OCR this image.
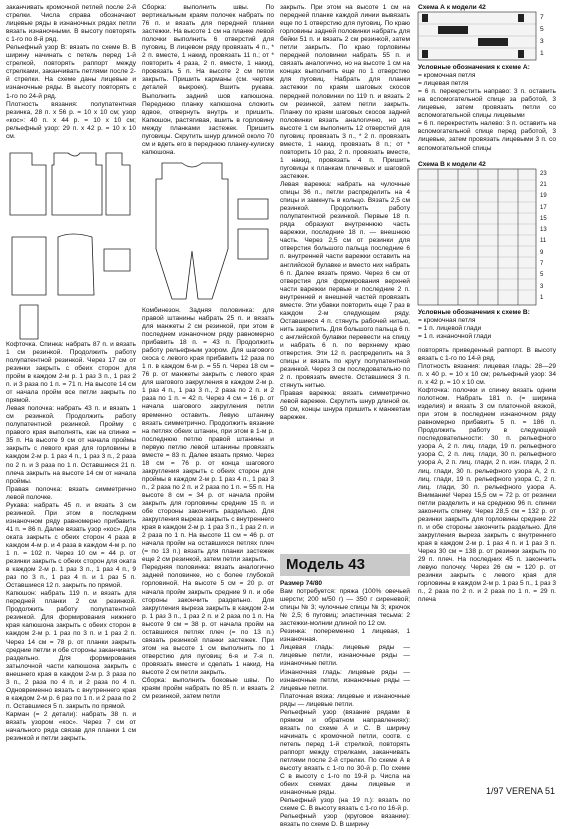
заканчивать кромочной петлей после 2-й стрелки. Числа справа обозначают лицевые ряды в изнаночных рядах петли вязать изнаночными. В высоту повторять с 1-го по 8-й ряд.

Рельефный узор В: вязать по схеме В. В ширину начинать с петель перед 1-й стрелкой, повторять раппорт между стрелками, заканчивать петлями после 2-й стрелки. На схеме даны лицевые и изнаночные ряды. В высоту повторять с 1-го по 24-й ряд.

Плотность вязания: полупатентная резинка, 28 п. х 56 р. = 10 х 10 см; узор «кос»: 40 п. х 44 р. = 10 х 10 см; рельефный узор: 29 п. х 42 р. = 10 х 10 см.

Кофточка. Спинка: набрать 87 п. и вязать 1 см резинкой. Продолжить работу полупатентной резинкой. Через 17 см от резинки закрыть с обеих сторон для пройм в каждом 2-м р. 1 раз 3 п., 1 раз 2 п. и 3 раза по 1 п. = 71 п. На высоте 14 см от начала пройм все петли закрыть по прямой.

Левая полочка: набрать 43 п. и вязать 1 см резинкой. Продолжить работу полупатентной резинкой. Пройму с правого края выполнять, как на спинке = 35 п. На высоте 9 см от начала проймы закрыть с левого края для горловины в каждом 2-м р. 1 раз 4 п., 1 раз 3 п., 2 раза по 2 п. и 3 раза по 1 п. Оставшиеся 21 п. плеча закрыть на высоте 14 см от начала проймы.

Правая полочка: вязать симметрично левой полочке.

Рукава: набрать 45 п. и вязать 3 см резинкой. При этом в последнем изнаночном ряду равномерно прибавить 41 п. = 86 п. Далее вязать узор «кос». Для оката закрыть с обеих сторон 4 раза в каждом 4-м р. и 4 раза в каждом 4-м р. по 1 п. = 102 п. Через 10 см = 44 р. от резинки закрыть с обеих сторон для оката в каждом 2-м р. 1 раз 3 п., 1 раз 4 п., 9 раз по 3 п., 1 раз 4 п. и 1 раз 5 п. Оставшиеся 12 п. закрыть по прямой.

Капюшон: набрать 119 п. и вязать для передней планки 2 см резинкой. Продолжить работу полупатентной резинкой. Для формирования нижнего края капюшона закрыть с обеих сторон в каждом 2-м р. 1 раз по 3 п. и 1 раз 2 п. Через 14 см = 78 р. от планки закрыть средние петли и обе стороны заканчивать раздельно. Для формирования затылочной части капюшона закрыть с внешнего края в каждом 2-м р. 3 раза по 3 п., 2 раза по 4 п. и 2 раза по 4 п. Одновременно вязать с внутреннего края в каждом 2-м р. 6 раз по 1 п. и 2 раза по 2 п. Оставшиеся 5 п. закрыть по прямой.

Карман (= 2 детали): набрать 38 п. и вязать узором «кос». Через 7 см от начального ряда связав для планки 1 см резинкой и петли закрыть.

Сборка: выполнить швы. По вертикальным краям полочек набрать по 76 п. и вязать для передней планки застежки. На высоте 1 см на планке левой полочки выполнить 6 отверстий для пуговиц. В лицевом ряду провязать 4 п., * 2 п. вместе, 1 накид, провязать 11 п.; от * повторить 4 раза, 2 п. вместе, 1 накид, провязать 5 п. На высоте 2 см петли закрыть. Пришить карманы (см. чертеж деталей выкроек). Вшить рукава. Выполнить задний шов капюшона. Переднюю планку капюшона сложить вдвое, отвернуть внутрь и пришить. Капюшон, растягивая, вшить в горловину между планками застежек. Пришить пуговицы. Скрутить шнур длиной около 70 см и вдеть его в переднюю планку-кулиску капюшона.

Комбинезон. Задняя половинка: для правой штанины набрать 25 п. и вязать для манжеты 2 см резинкой, при этом в последнем изнаночном ряду равномерно прибавить 18 п. = 43 п. Продолжить работу рельефным узором. Для шагового скоса с левого края прибавить 12 раза по 1 п. в каждом 6-м р. = 55 п. Через 18 см = 76 р. от манжеты закрыть с левого края для шагового закругления в каждом 2-м р. 1 раз 4 п., 1 раз 3 п., 2 раза по 2 п. и 2 раза по 1 п. = 42 п. Через 4 см = 16 р. от начала шагового закругления петли временно оставить. Левую штанину вязать симметрично. Продолжить вязание на петлях обеих штанин, при этом в 1-м р. последнюю петлю правой штанины и первую петлю левой штанины провязать вместе = 83 п. Далее вязать прямо. Через 18 см = 76 р. от конца шагового закругления закрыть с обеих сторон для проймы в каждом 2-м р. 1 раз 4 п., 1 раз 3 п., 2 раза по 2 п. и 2 раза по 1 п. = 55 п. На высоте 8 см = 34 р. от начала пройм закрыть для горловины средние 15 п. и обе стороны закончить раздельно. Для закругления выреза закрыть с внутреннего края в каждом 2-м р. 1 раз 3 п., 1 раз 2 п. и 2 раза по 1 п. На высоте 11 см = 46 р. от начала пройм на оставшихся петлях плеч (= по 13 п.) вязать для планки застежек еще 2 см резинкой, затем петли закрыть.

Передняя половинка: вязать аналогично задней половинке, но с более глубокой горловиной. На высоте 5 см = 20 р. от начала пройм закрыть средние 9 п. и обе стороны закончить раздельно. Для закругления выреза закрыть в каждом 2-м р. 1 раз 3 п., 1 раз 2 п. и 2 раза по 1 п. На высоте 9 см = 38 р. от начала пройм на оставшихся петлях плеч (= по 13 п.) связать резинкой планки застежек. При этом на высоте 1 см выполнить по 1 отверстию для пуговиц: 6-я и 7-я п. провязать вместе и сделать 1 накид. На высоте 2 см петли закрыть.

Сборка: выполнить боковые швы. По краям пройм набрать по 85 п. и вязать 2 см резинкой, затем петли

закрыть. При этом на высоте 1 см на передней планке каждой линии вывязать еще по 1 отверстию для пуговиц. По краю горловины задней половинки набрать для бейки 51 п. и вязать 2 см резинкой, затем петли закрыть. По краю горловины передней половинки набрать 55 п. и связать аналогично, но на высоте 1 см на концах выполнить еще по 1 отверстию для пуговиц. Набрать для планки застежки по краям шаговых скосов передней половинки по 119 п. и вязать 2 см резинкой, затем петли закрыть. Планку по краям шаговых скосов задней половинки вязать аналогично, но на высоте 1 см выполнить 12 отверстий для пуговиц: провязать 3 п., * 2 п. провязать вместе, 1 накид, провязать 8 п.; от * повторить 10 раз, 2 п. провязать вместе, 1 накид, провязать 4 п. Пришить пуговицы к планкам плечевых и шаговой застежек.

Левая варежка: набрать на чулочные спицы 36 п., петли распределить на 4 спицы и замкнуть в кольцо. Вязать 2,5 см резинкой. Продолжить работу полупатентной резинкой. Первые 18 п. ряда образуют внутреннюю часть варежки, последние 18 п. — внешнюю часть. Через 2,5 см от резинки для отверстия большого пальца последние 6 п. внутренней части варежки оставить на английской булавке и вместо них набрать 6 п. Далее вязать прямо. Через 6 см от отверстия для формирования верхней части варежки первые и последние 2 п. внутренней и внешней частей провязать вместе. Эти убавки повторить еще 7 раз в каждом 2-м следующем ряду. Оставшиеся 4 п. стянуть рабочей нитью, нить закрепить. Для большого пальца 6 п. с английской булавки перевести на спицу и набрать 6 п. по верхнему краю отверстия. Эти 12 п. распределить на 3 спицы и вязать по кругу полупатентной резинкой. Через 3 см последовательно по 2 п. провязать вместе. Оставшиеся 3 п. стянуть нитью.

Правая варежка: вязать симметрично левой варежке. Скрутить шнур длиной ок. 50 см, концы шнура пришить к манжетам варежек.

Модель 43

Размер 74/80

Вам потребуется: пряжа (100% овечьей шерсти; 200 м/50 г) — 350 г сиреневой; спицы № 3; чулочные спицы № 3; крючок № 2,5; 6 пуговиц; эластичная тесьма: 2 застежки-молнии длиной по 12 см.

Резинка: попеременно 1 лицевая, 1 изнаночная.

Лицевая гладь: лицевые ряды — лицевые петли, изнаночные ряды — изнаночные петли.

Изнаночная гладь: лицевые ряды — изнаночные петли, изнаночные ряды — лицевые петли.

Платочная вязка: лицевые и изнаночные ряды — лицевые петли.

Рельефный узор (вязание рядами в прямом и обратном направлениях): вязать по схеме А и С. В ширину начинать с кромочной петли, соотв. с петель перед 1-й стрелкой, повторять раппорт между стрелками, заканчивать петлями после 2-й стрелки. По схеме А в высоту вязать с 1-го по 30-й р. По схеме С в высоту с 1-го по 19-й р. Числа на обеих схемах даны лицевые и изнаночные ряды.

Рельефный узор (на 19 п.): вязать по схеме С. В высоту вязать с 1-го по 16-й р.

Рельефный узор (круговое вязание): вязать по схеме D. В ширину

Схема А к модели 42

7
5
3
1

Условные обозначения к схеме А:

= кромочная петля

= лицевая петля

= 6 п. перекрестить направо: 3 п. оставить на вспомогательной спице за работой, 3 лицевые, затем провязать петли со вспомогательной спицы лицевыми

= 6 п. перекрестить налево: 3 п. оставить на вспомогательной спице перед работой, 3 лицевые, затем провязать лицевыми 3 п. со вспомогательной спицы

Схема В к модели 42

23
21
19
17
15
13
11
9
7
5
3
1

Условные обозначения к схеме В:

= кромочная петля

= 1 п. лицевой глади

= 1 п. изнаночной глади

повторять приведенный раппорт. В высоту вязать с 1-го по 14-й ряд.

Плотность вязания: лицевая гладь: 28—29 п. х 40 р. = 10 х 10 см; рельефный узор: 34 п. х 42 р. = 10 х 10 см.

Кофточка: полочки и спинку вязать одним полотном. Набрать 181 п. (= ширина изделия) и вязать 3 см платочной вязкой, при этом в последнем изнаночном ряду равномерно прибавить 5 п. = 186 п. Продолжить работу в следующей последовательности: 30 п. рельефного узора А, 2 п. лиц. глади, 19 п. рельефного узора С, 2 п. лиц. глади, 30 п. рельефного узора А, 2 п. лиц. глади, 2 п. изн. глади, 2 п. лиц. глади, 30 п. рельефного узора А, 2 п. лиц. глади, 19 п. рельефного узора С, 2 п. лиц. глади, 30 п. рельефного узора А. Внимание! Через 15,5 см = 72 р. от резинки петли разделить и на среднюю 96 п. спинки закончить спинку. Через 28,5 см = 132 р. от резинки закрыть для горловины средние 22 п. и обе стороны закончить раздельно. Для закругления выреза закрыть с внутреннего края в каждом 2-м р. 1 раз 4 п. и 1 раз 3 п. Через 30 см = 138 р. от резинки закрыть по 29 п. плеч. На последних 45 п. закончить левую полочку. Через 26 см = 120 р. от резинки закрыть с левого края для горловины в каждом 2-м р. 1 раз 5 п., 1 раз 3 п., 2 раза по 2 п. и 2 раза по 1 п. = 29 п. плеча

1/97 VERENA 51
